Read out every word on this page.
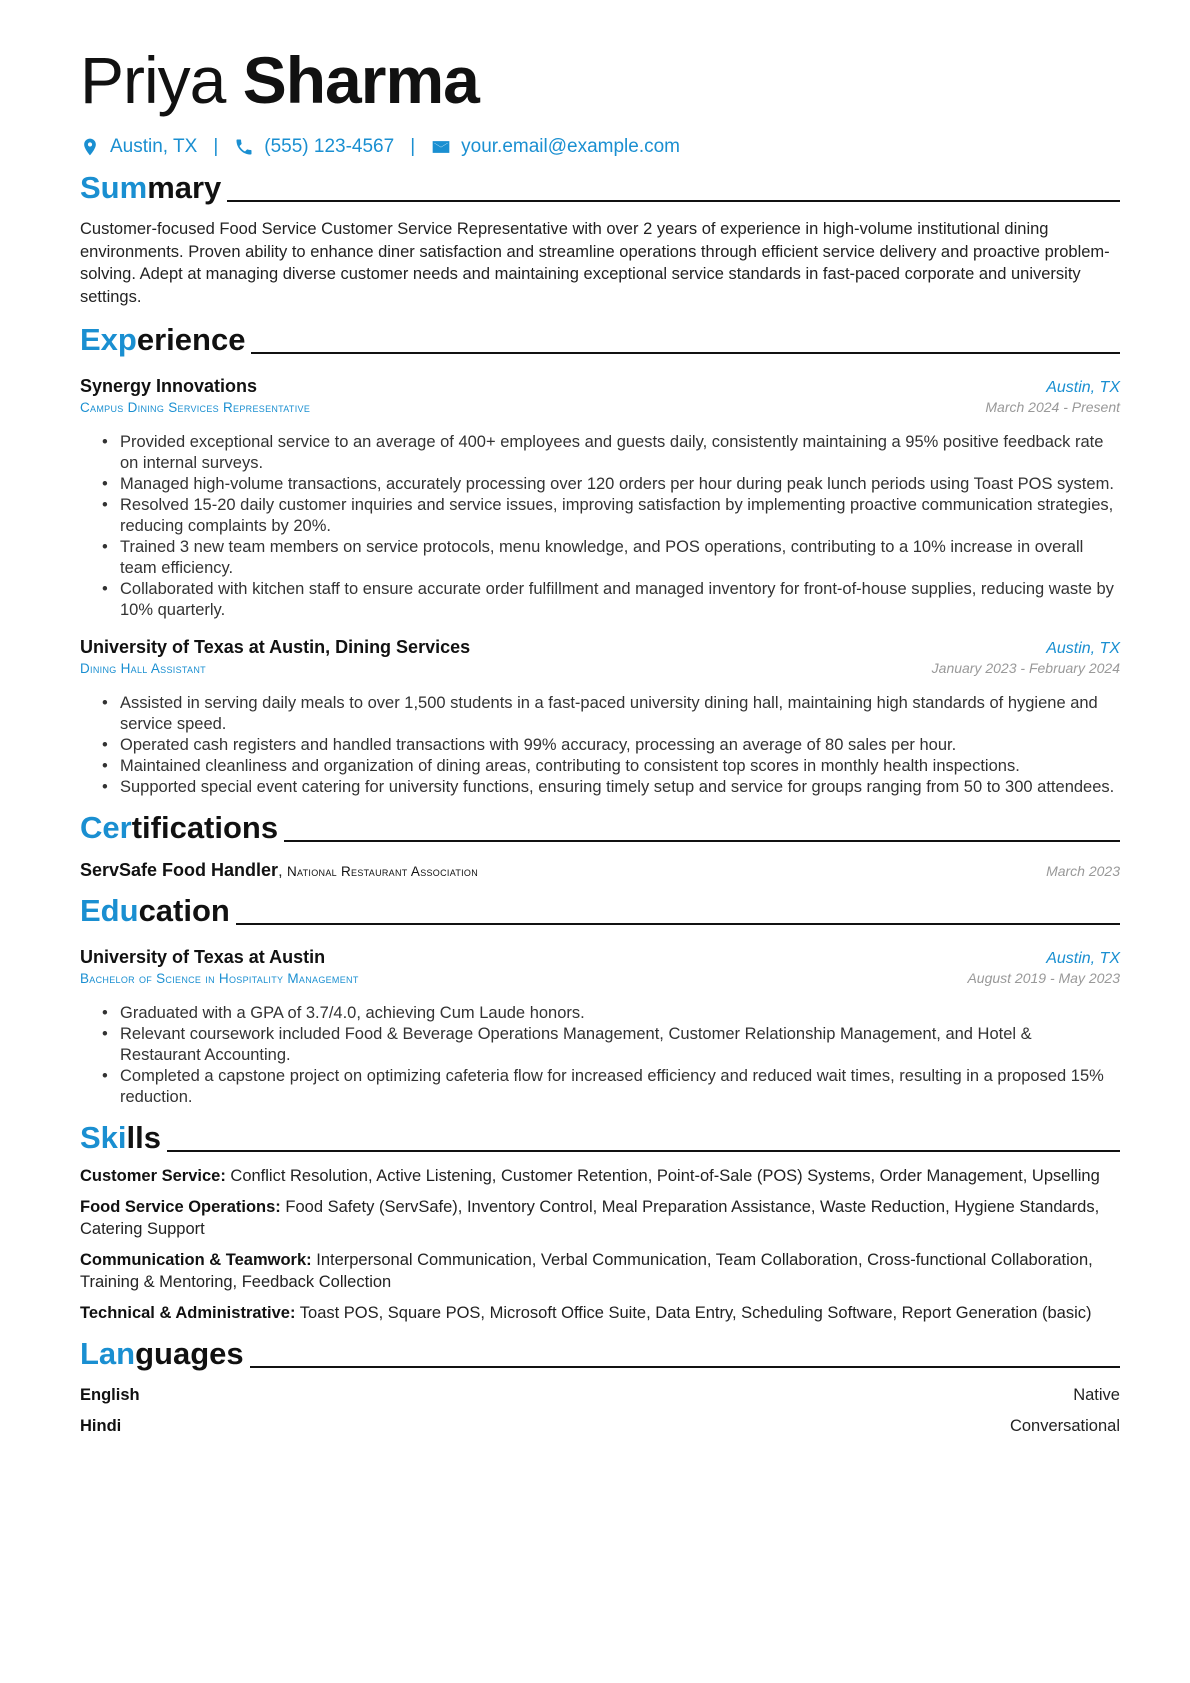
Priya Sharma
Austin, TX | (555) 123-4567 | your.email@example.com
Summary

Customer-focused Food Service Customer Service Representative with over 2 years of experience in high-volume institutional dining environments. Proven ability to enhance diner satisfaction and streamline operations through efficient service delivery and proactive problem-solving. Adept at managing diverse customer needs and maintaining exceptional service standards in fast-paced corporate and university settings.

Experience
Synergy Innovations	Austin, TX
Campus Dining Services Representative	March 2024 - Present
• Provided exceptional service to an average of 400+ employees and guests daily, consistently maintaining a 95% positive feedback rate on internal surveys.
• Managed high-volume transactions, accurately processing over 120 orders per hour during peak lunch periods using Toast POS system.
• Resolved 15-20 daily customer inquiries and service issues, improving satisfaction by implementing proactive communication strategies, reducing complaints by 20%.
• Trained 3 new team members on service protocols, menu knowledge, and POS operations, contributing to a 10% increase in overall team efficiency.
• Collaborated with kitchen staff to ensure accurate order fulfillment and managed inventory for front-of-house supplies, reducing waste by 10% quarterly.
University of Texas at Austin, Dining Services	Austin, TX
Dining Hall Assistant	January 2023 - February 2024
• Assisted in serving daily meals to over 1,500 students in a fast-paced university dining hall, maintaining high standards of hygiene and service speed.
• Operated cash registers and handled transactions with 99% accuracy, processing an average of 80 sales per hour.
• Maintained cleanliness and organization of dining areas, contributing to consistent top scores in monthly health inspections.
• Supported special event catering for university functions, ensuring timely setup and service for groups ranging from 50 to 300 attendees.
Certifications
ServSafe Food Handler, National Restaurant Association	March 2023
Education
University of Texas at Austin	Austin, TX
Bachelor of Science in Hospitality Management	August 2019 - May 2023
• Graduated with a GPA of 3.7/4.0, achieving Cum Laude honors.
• Relevant coursework included Food & Beverage Operations Management, Customer Relationship Management, and Hotel & Restaurant Accounting.
• Completed a capstone project on optimizing cafeteria flow for increased efficiency and reduced wait times, resulting in a proposed 15% reduction.
Skills

Customer Service: Conflict Resolution, Active Listening, Customer Retention, Point-of-Sale (POS) Systems, Order Management, Upselling

Food Service Operations: Food Safety (ServSafe), Inventory Control, Meal Preparation Assistance, Waste Reduction, Hygiene Standards, Catering Support

Communication & Teamwork: Interpersonal Communication, Verbal Communication, Team Collaboration, Cross-functional Collaboration, Training & Mentoring, Feedback Collection

Technical & Administrative: Toast POS, Square POS, Microsoft Office Suite, Data Entry, Scheduling Software, Report Generation (basic)

Languages
English	Native
Hindi	Conversational
